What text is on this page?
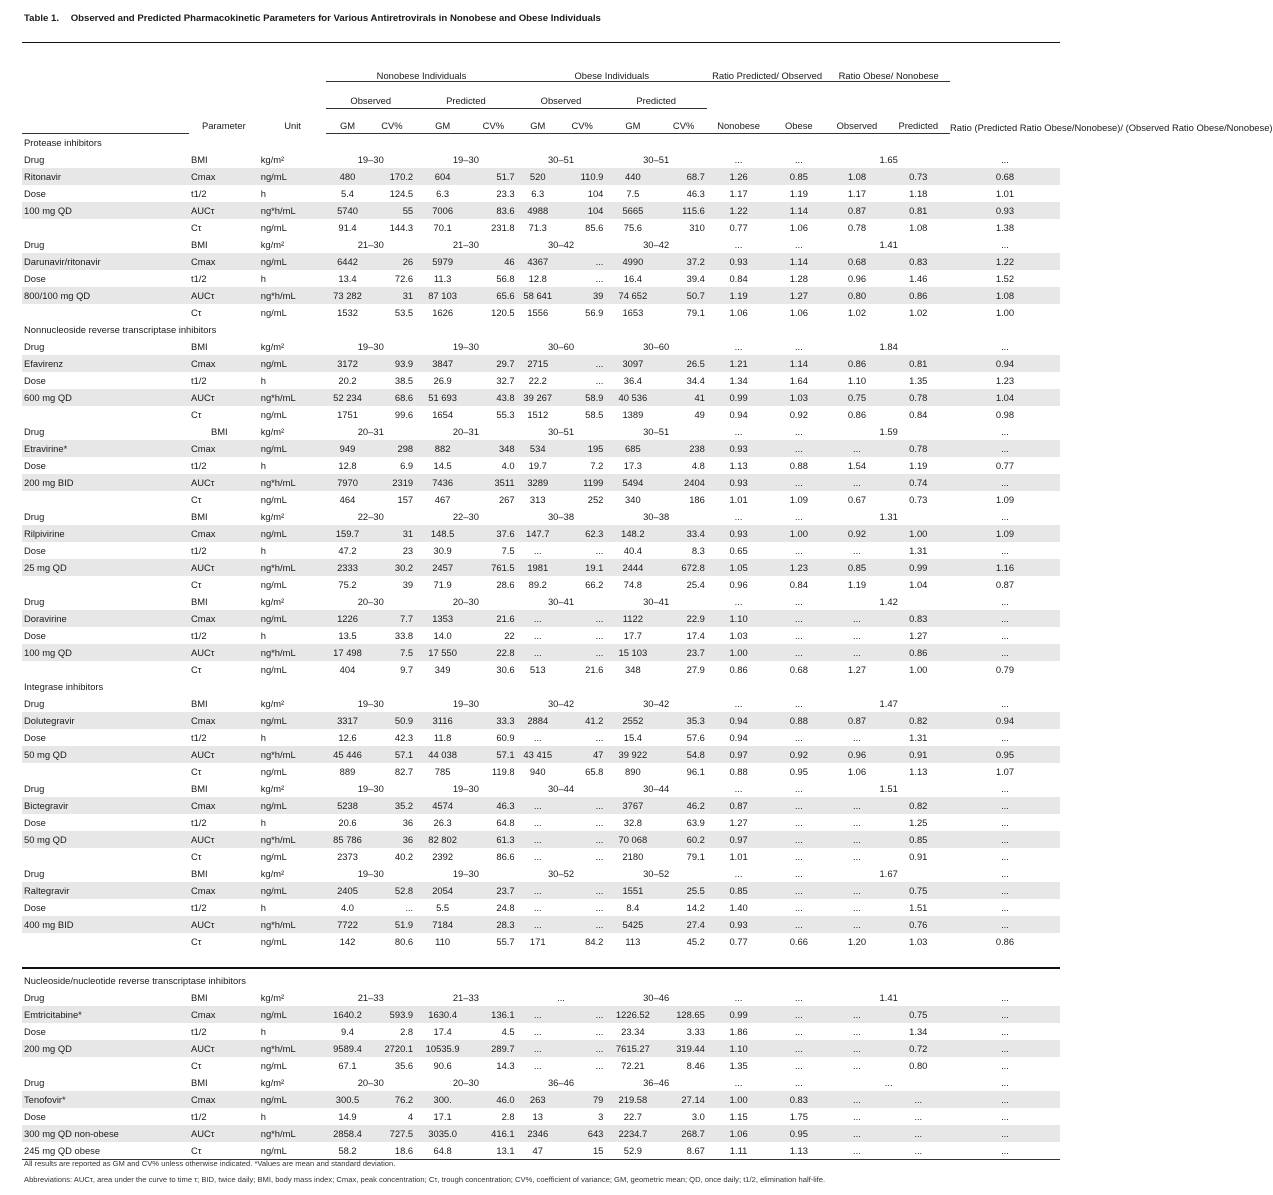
Table 1. Observed and Predicted Pharmacokinetic Parameters for Various Antiretrovirals in Nonobese and Obese Individuals
			Nonobese Individuals				Obese Individuals				Ratio Predicted/ Observed		Ratio Obese/ Nonobese		Ratio (Predicted Ratio Obese/Nonobese)/ (Observed Ratio Obese/Nonobese)
	Parameter	Unit	Observed		Predicted		Observed		Predicted						
			GM	CV%	GM	CV%	GM	CV%	GM	CV%	Nonobese	Obese	Observed	Predicted	
Protease inhibitors															
Drug	BMI	kg/m²	19–30		19–30		30–51		30–51		...	...	1.65		...
Ritonavir	Cmax	ng/mL	480	170.2	604	51.7	520	110.9	440	68.7	1.26	0.85	1.08	0.73	0.68
Dose	t1/2	h	5.4	124.5	6.3	23.3	6.3	104	7.5	46.3	1.17	1.19	1.17	1.18	1.01
100 mg QD	AUCτ	ng*h/mL	5740	55	7006	83.6	4988	104	5665	115.6	1.22	1.14	0.87	0.81	0.93
	Cτ	ng/mL	91.4	144.3	70.1	231.8	71.3	85.6	75.6	310	0.77	1.06	0.78	1.08	1.38
Drug	BMI	kg/m²	21–30		21–30		30–42		30–42		...	...	1.41		...
Darunavir/ritonavir	Cmax	ng/mL	6442	26	5979	46	4367	...	4990	37.2	0.93	1.14	0.68	0.83	1.22
Dose	t1/2	h	13.4	72.6	11.3	56.8	12.8	...	16.4	39.4	0.84	1.28	0.96	1.46	1.52
800/100 mg QD	AUCτ	ng*h/mL	73 282	31	87 103	65.6	58 641	39	74 652	50.7	1.19	1.27	0.80	0.86	1.08
	Cτ	ng/mL	1532	53.5	1626	120.5	1556	56.9	1653	79.1	1.06	1.06	1.02	1.02	1.00
Nonnucleoside reverse transcriptase inhibitors															
Drug	BMI	kg/m²	19–30		19–30		30–60		30–60		...	...	1.84		...
Efavirenz	Cmax	ng/mL	3172	93.9	3847	29.7	2715	...	3097	26.5	1.21	1.14	0.86	0.81	0.94
Dose	t1/2	h	20.2	38.5	26.9	32.7	22.2	...	36.4	34.4	1.34	1.64	1.10	1.35	1.23
600 mg QD	AUCτ	ng*h/mL	52 234	68.6	51 693	43.8	39 267	58.9	40 536	41	0.99	1.03	0.75	0.78	1.04
	Cτ	ng/mL	1751	99.6	1654	55.3	1512	58.5	1389	49	0.94	0.92	0.86	0.84	0.98
Drug	BMI	kg/m²	20–31		20–31		30–51		30–51		...	...	1.59		...
Etravirine*	Cmax	ng/mL	949	298	882	348	534	195	685	238	0.93	...	...	0.78	...
Dose	t1/2	h	12.8	6.9	14.5	4.0	19.7	7.2	17.3	4.8	1.13	0.88	1.54	1.19	0.77
200 mg BID	AUCτ	ng*h/mL	7970	2319	7436	3511	3289	1199	5494	2404	0.93	...	...	0.74	...
	Cτ	ng/mL	464	157	467	267	313	252	340	186	1.01	1.09	0.67	0.73	1.09
Drug	BMI	kg/m²	22–30		22–30		30–38		30–38		...	...	1.31		...
Rilpivirine	Cmax	ng/mL	159.7	31	148.5	37.6	147.7	62.3	148.2	33.4	0.93	1.00	0.92	1.00	1.09
Dose	t1/2	h	47.2	23	30.9	7.5	...	...	40.4	8.3	0.65	...	...	1.31	...
25 mg QD	AUCτ	ng*h/mL	2333	30.2	2457	761.5	1981	19.1	2444	672.8	1.05	1.23	0.85	0.99	1.16
	Cτ	ng/mL	75.2	39	71.9	28.6	89.2	66.2	74.8	25.4	0.96	0.84	1.19	1.04	0.87
Drug	BMI	kg/m²	20–30		20–30		30–41		30–41		...	...	1.42		...
Doravirine	Cmax	ng/mL	1226	7.7	1353	21.6	...	...	1122	22.9	1.10	...	...	0.83	...
Dose	t1/2	h	13.5	33.8	14.0	22	...	...	17.7	17.4	1.03	...	...	1.27	...
100 mg QD	AUCτ	ng*h/mL	17 498	7.5	17 550	22.8	...	...	15 103	23.7	1.00	...	...	0.86	...
	Cτ	ng/mL	404	9.7	349	30.6	513	21.6	348	27.9	0.86	0.68	1.27	1.00	0.79
Integrase inhibitors															
Drug	BMI	kg/m²	19–30		19–30		30–42		30–42		...	...	1.47		...
Dolutegravir	Cmax	ng/mL	3317	50.9	3116	33.3	2884	41.2	2552	35.3	0.94	0.88	0.87	0.82	0.94
Dose	t1/2	h	12.6	42.3	11.8	60.9	...	...	15.4	57.6	0.94	...	...	1.31	...
50 mg QD	AUCτ	ng*h/mL	45 446	57.1	44 038	57.1	43 415	47	39 922	54.8	0.97	0.92	0.96	0.91	0.95
	Cτ	ng/mL	889	82.7	785	119.8	940	65.8	890	96.1	0.88	0.95	1.06	1.13	1.07
Drug	BMI	kg/m²	19–30		19–30		30–44		30–44		...	...	1.51		...
Bictegravir	Cmax	ng/mL	5238	35.2	4574	46.3	...	...	3767	46.2	0.87	...	...	0.82	...
Dose	t1/2	h	20.6	36	26.3	64.8	...	...	32.8	63.9	1.27	...	...	1.25	...
50 mg QD	AUCτ	ng*h/mL	85 786	36	82 802	61.3	...	...	70 068	60.2	0.97	...	...	0.85	...
	Cτ	ng/mL	2373	40.2	2392	86.6	...	...	2180	79.1	1.01	...	...	0.91	...
Drug	BMI	kg/m²	19–30		19–30		30–52		30–52		...	...	1.67		...
Raltegravir	Cmax	ng/mL	2405	52.8	2054	23.7	...	...	1551	25.5	0.85	...	...	0.75	...
Dose	t1/2	h	4.0	...	5.5	24.8	...	...	8.4	14.2	1.40	...	...	1.51	...
400 mg BID	AUCτ	ng*h/mL	7722	51.9	7184	28.3	...	...	5425	27.4	0.93	...	...	0.76	...
	Cτ	ng/mL	142	80.6	110	55.7	171	84.2	113	45.2	0.77	0.66	1.20	1.03	0.86

Nucleoside/nucleotide reverse transcriptase inhibitors															
Drug	BMI	kg/m²	21–33		21–33		...		30–46		...	...	1.41		...
Emtricitabine*	Cmax	ng/mL	1640.2	593.9	1630.4	136.1	...	...	1226.52	128.65	0.99	...	...	0.75	...
Dose	t1/2	h	9.4	2.8	17.4	4.5	...	...	23.34	3.33	1.86	...	...	1.34	...
200 mg QD	AUCτ	ng*h/mL	9589.4	2720.1	10535.9	289.7	...	...	7615.27	319.44	1.10	...	...	0.72	...
	Cτ	ng/mL	67.1	35.6	90.6	14.3	...	...	72.21	8.46	1.35	...	...	0.80	...
Drug	BMI	kg/m²	20–30		20–30		36–46		36–46		...	...	...		...
Tenofovir*	Cmax	ng/mL	300.5	76.2	300.	46.0	263	79	219.58	27.14	1.00	0.83	...	...	...
Dose	t1/2	h	14.9	4	17.1	2.8	13	3	22.7	3.0	1.15	1.75	...	...	...
300 mg QD non-obese	AUCτ	ng*h/mL	2858.4	727.5	3035.0	416.1	2346	643	2234.7	268.7	1.06	0.95	...	...	...
245 mg QD obese	Cτ	ng/mL	58.2	18.6	64.8	13.1	47	15	52.9	8.67	1.11	1.13	...	...	...
All results are reported as GM and CV% unless otherwise indicated. *Values are mean and standard deviation.
Abbreviations: AUCτ, area under the curve to time τ; BID, twice daily; BMI, body mass index; Cmax, peak concentration; Cτ, trough concentration; CV%, coefficient of variance; GM, geometric mean; QD, once daily; t1/2, elimination half-life.
